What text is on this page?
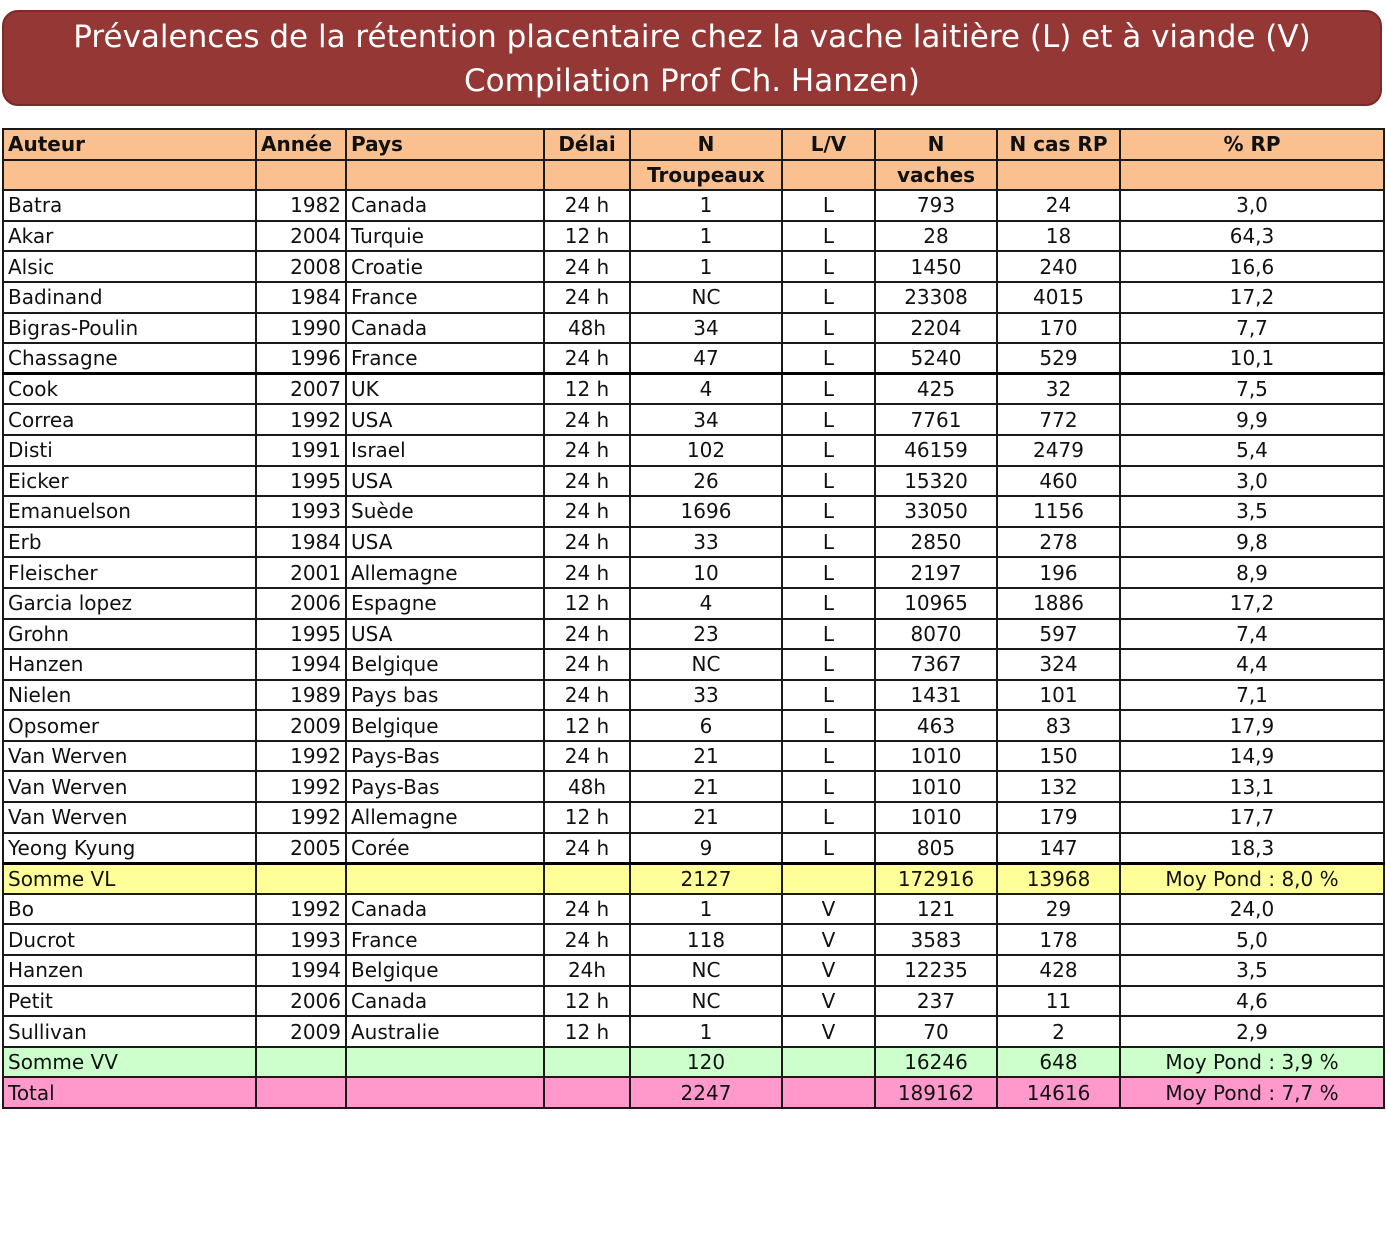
Prévalences de la rétention placentaire chez la vache laitière (L) et à viande (V)
Compilation Prof Ch. Hanzen)
Auteur	Année	Pays	Délai	N	L/V	N	N cas RP	% RP
				Troupeaux		vaches		
Batra	1982	Canada	24 h	1	L	793	24	3,0
Akar	2004	Turquie	12 h	1	L	28	18	64,3
Alsic	2008	Croatie	24 h	1	L	1450	240	16,6
Badinand	1984	France	24 h	NC	L	23308	4015	17,2
Bigras-Poulin	1990	Canada	48h	34	L	2204	170	7,7
Chassagne	1996	France	24 h	47	L	5240	529	10,1
Cook	2007	UK	12 h	4	L	425	32	7,5
Correa	1992	USA	24 h	34	L	7761	772	9,9
Disti	1991	Israel	24 h	102	L	46159	2479	5,4
Eicker	1995	USA	24 h	26	L	15320	460	3,0
Emanuelson	1993	Suède	24 h	1696	L	33050	1156	3,5
Erb	1984	USA	24 h	33	L	2850	278	9,8
Fleischer	2001	Allemagne	24 h	10	L	2197	196	8,9
Garcia lopez	2006	Espagne	12 h	4	L	10965	1886	17,2
Grohn	1995	USA	24 h	23	L	8070	597	7,4
Hanzen	1994	Belgique	24 h	NC	L	7367	324	4,4
Nielen	1989	Pays bas	24 h	33	L	1431	101	7,1
Opsomer	2009	Belgique	12 h	6	L	463	83	17,9
Van Werven	1992	Pays-Bas	24 h	21	L	1010	150	14,9
Van Werven	1992	Pays-Bas	48h	21	L	1010	132	13,1
Van Werven	1992	Allemagne	12 h	21	L	1010	179	17,7
Yeong Kyung	2005	Corée	24 h	9	L	805	147	18,3
Somme VL				2127		172916	13968	Moy Pond : 8,0 %
Bo	1992	Canada	24 h	1	V	121	29	24,0
Ducrot	1993	France	24 h	118	V	3583	178	5,0
Hanzen	1994	Belgique	24h	NC	V	12235	428	3,5
Petit	2006	Canada	12 h	NC	V	237	11	4,6
Sullivan	2009	Australie	12 h	1	V	70	2	2,9
Somme VV				120		16246	648	Moy Pond : 3,9 %
Total				2247		189162	14616	Moy Pond : 7,7 %
